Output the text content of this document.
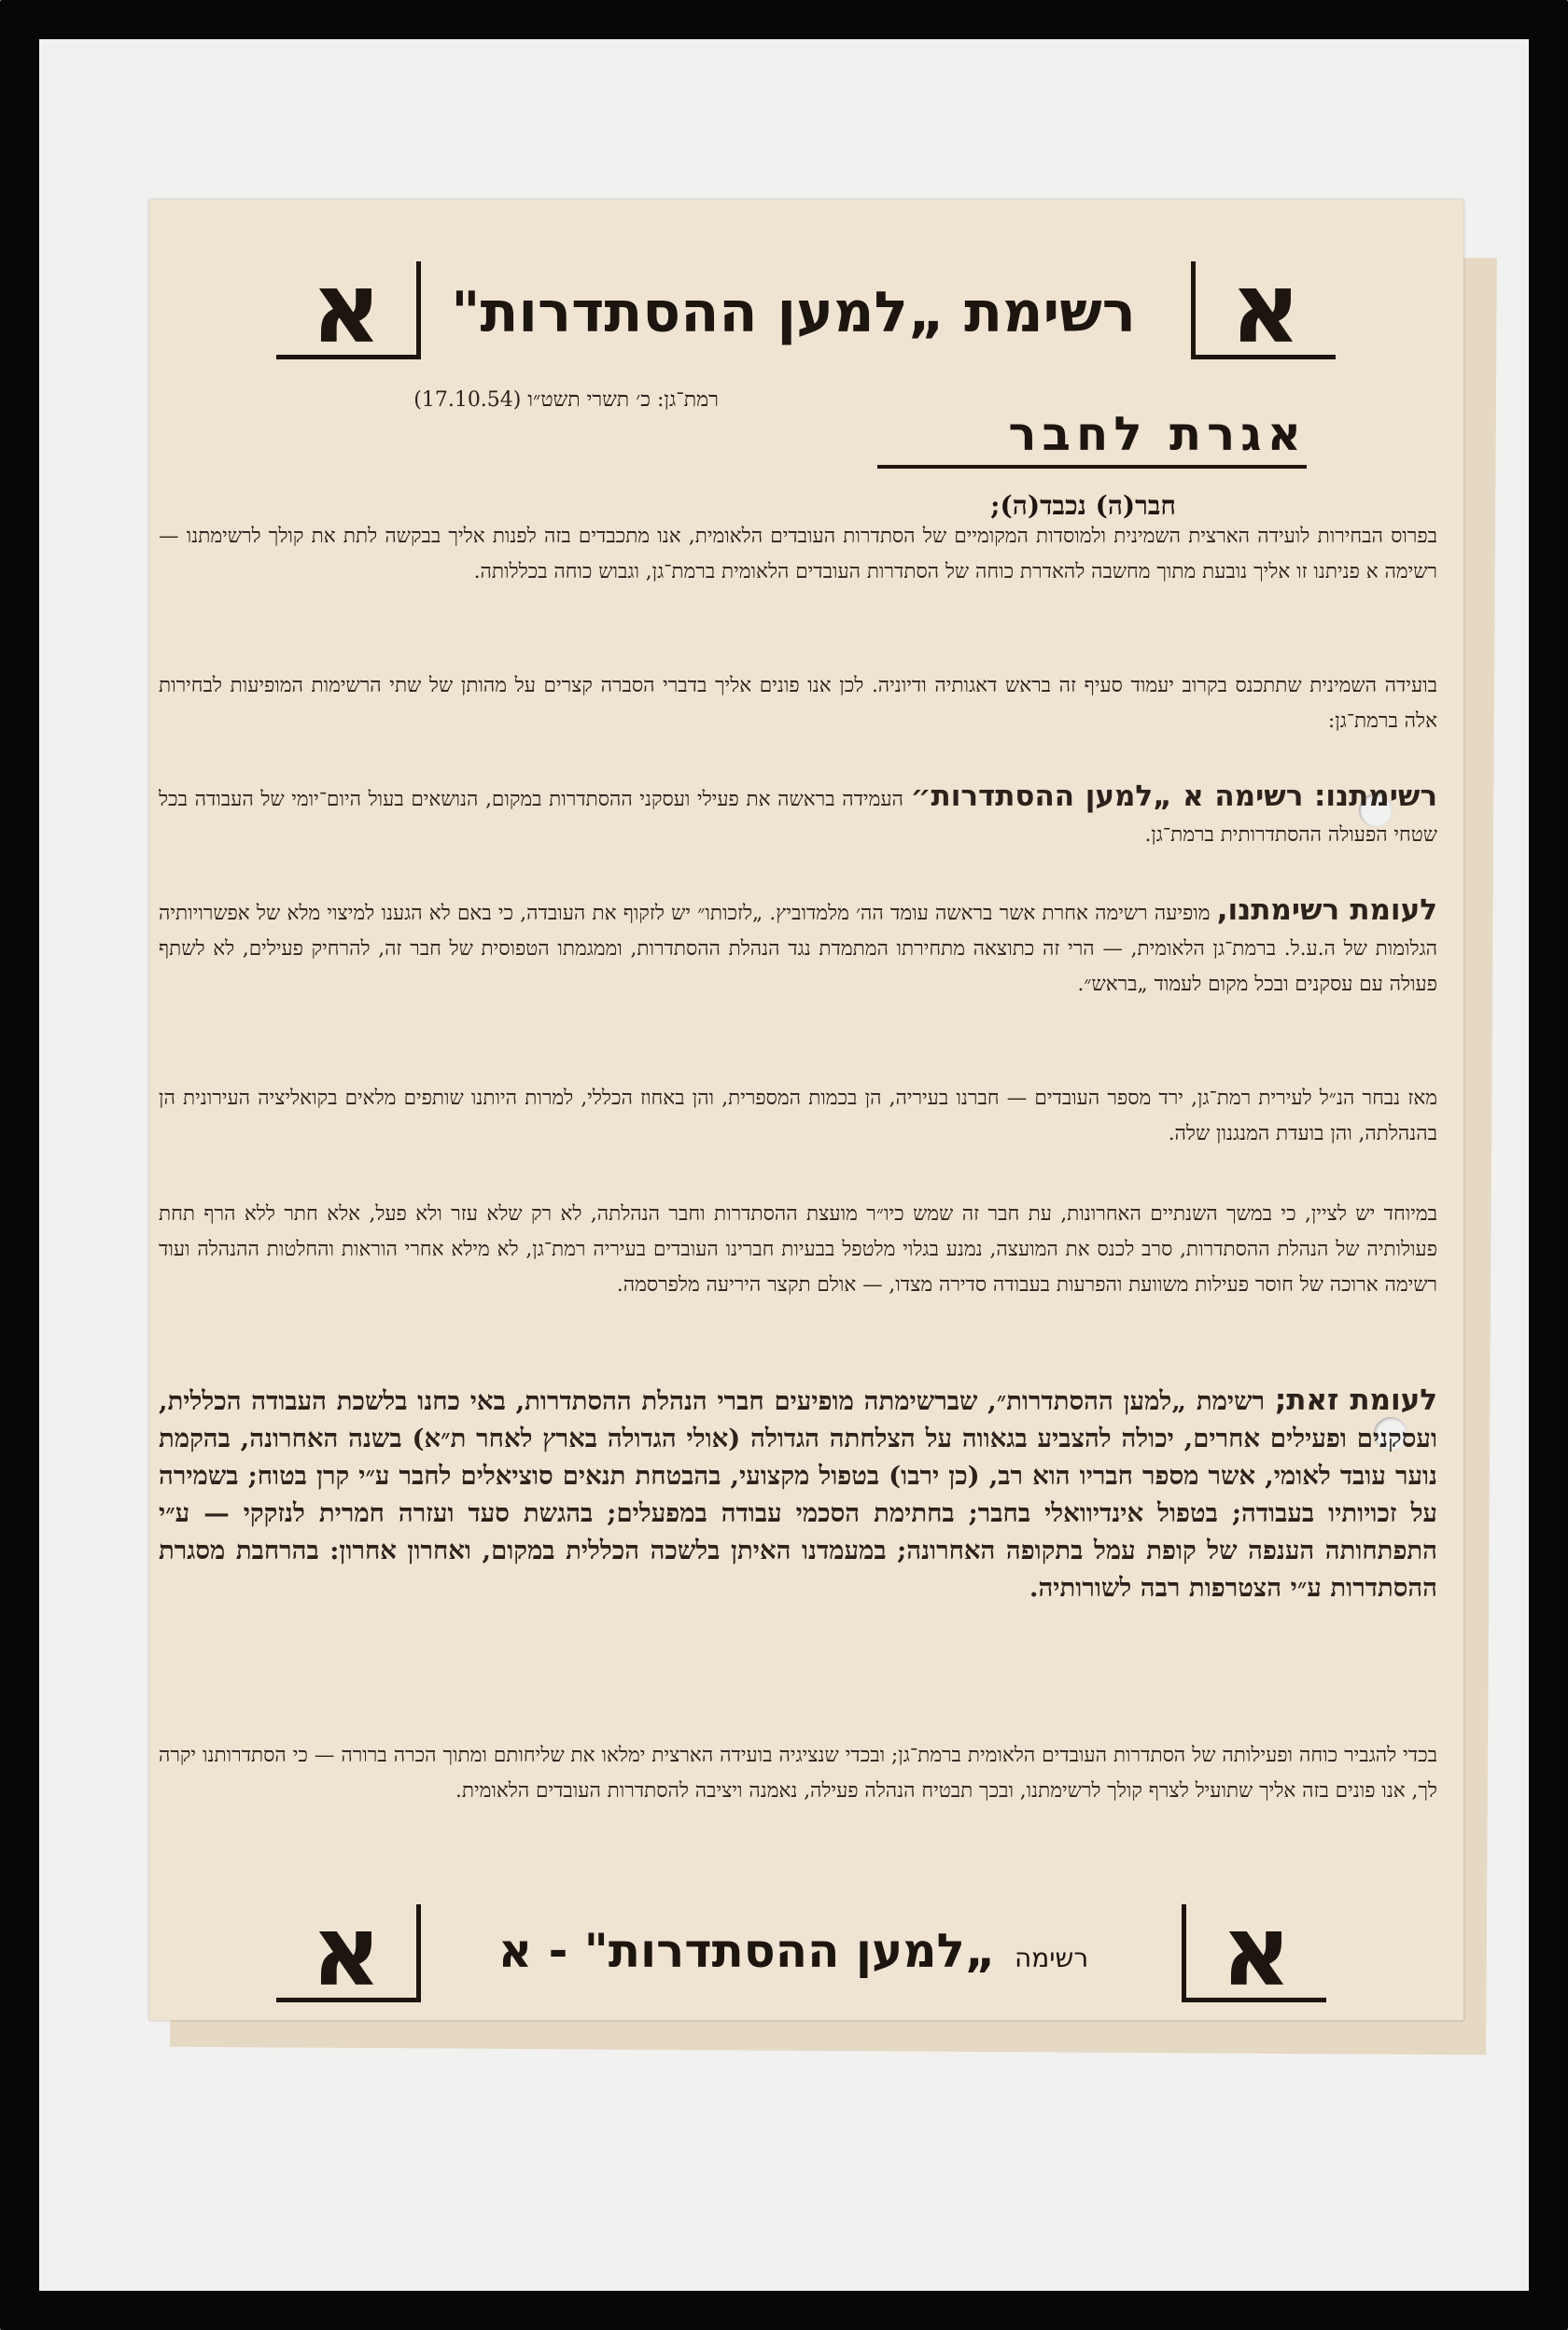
א
א	רשימת „למען ההסתדרות"
רמת־גן: כ׳ תשרי תשט״ו (17.10.54)
אגרת לחבר
חבר(ה) נכבד(ה);

בפרוס הבחירות לועידה הארצית השמינית ולמוסדות המקומיים של הסתדרות העובדים הלאומית, אנו מתכבדים בזה לפנות אליך בבקשה לתת את קולך לרשימתנו — רשימה א פניתנו זו אליך נובעת מתוך מחשבה להאדרת כוחה של הסתדרות העובדים הלאומית ברמת־גן, וגבוש כוחה בכללותה.

בועידה השמינית שתתכנס בקרוב יעמוד סעיף זה בראש דאגותיה ודיוניה. לכן אנו פונים אליך בדברי הסברה קצרים על מהותן של שתי הרשימות המופיעות לבחירות אלה ברמת־גן:

רשימתנו: רשימה א „למען ההסתדרות״ העמידה בראשה את פעילי ועסקני ההסתדרות במקום, הנושאים בעול היום־יומי של העבודה בכל שטחי הפעולה ההסתדרותית ברמת־גן.

לעומת רשימתנו, מופיעה רשימה אחרת אשר בראשה עומד הה׳ מלמדוביץ. „לזכותו״ יש לזקוף את העובדה, כי באם לא הגענו למיצוי מלא של אפשרויותיה הגלומות של ה.ע.ל. ברמת־גן הלאומית, — הרי זה כתוצאה מתחירתו המתמדת נגד הנהלת ההסתדרות, וממגמתו הטפוסית של חבר זה, להרחיק פעילים, לא לשתף פעולה עם עסקנים ובכל מקום לעמוד „בראש״.

מאז נבחר הנ״ל לעירית רמת־גן, ירד מספר העובדים — חברנו בעיריה, הן בכמות המספרית, והן באחוז הכללי, למרות היותנו שותפים מלאים בקואליציה העירונית הן בהנהלתה, והן בועדת המנגנון שלה.

במיוחד יש לציין, כי במשך השנתיים האחרונות, עת חבר זה שמש כיו״ר מועצת ההסתדרות וחבר הנהלתה, לא רק שלא עזר ולא פעל, אלא חתר ללא הרף תחת פעולותיה של הנהלת ההסתדרות, סרב לכנס את המועצה, נמנע בגלוי מלטפל בבעיות חברינו העובדים בעיריה רמת־גן, לא מילא אחרי הוראות והחלטות ההנהלה ועוד רשימה ארוכה של חוסר פעילות משוועת והפרעות בעבודה סדירה מצדו, — אולם תקצר היריעה מלפרסמה.

לעומת זאת; רשימת „למען ההסתדרות״, שברשימתה מופיעים חברי הנהלת ההסתדרות, באי כחנו בלשכת העבודה הכללית, ועסקנים ופעילים אחרים, יכולה להצביע בגאווה על הצלחתה הגדולה (אולי הגדולה בארץ לאחר ת״א) בשנה האחרונה, בהקמת נוער עובד לאומי, אשר מספר חבריו הוא רב, (כן ירבו) בטפול מקצועי, בהבטחת תנאים סוציאלים לחבר ע״י קרן בטוח; בשמירה על זכויותיו בעבודה; בטפול אינדיוואלי בחבר; בחתימת הסכמי עבודה במפעלים; בהגשת סעד ועזרה חמרית לנזקקי — ע״י התפתחותה הענפה של קופת עמל בתקופה האחרונה; במעמדנו האיתן בלשכה הכללית במקום, ואחרון אחרון: בהרחבת מסגרת ההסתדרות ע״י הצטרפות רבה לשורותיה.

בכדי להגביר כוחה ופעילותה של הסתדרות העובדים הלאומית ברמת־גן; ובכדי שנציגיה בועידה הארצית ימלאו את שליחותם ומתוך הכרה ברורה — כי הסתדרותנו יקרה לך, אנו פונים בזה אליך שתועיל לצרף קולך לרשימתנו, ובכך תבטיח הנהלה פעילה, נאמנה ויציבה להסתדרות העובדים הלאומית.

א
א	רשימה    „למען ההסתדרות" - א
